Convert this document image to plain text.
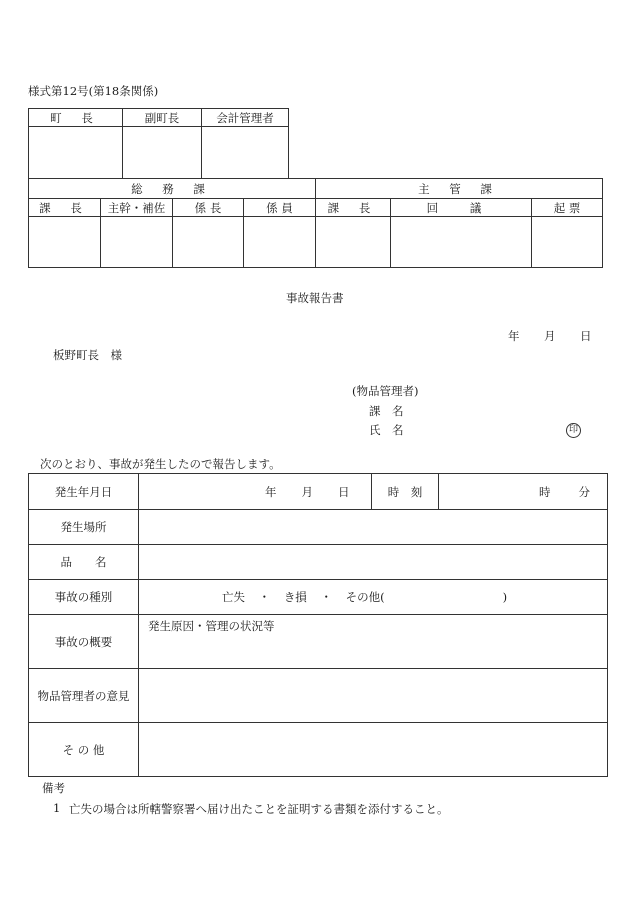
様式第12号(第18条関係)
町 長	副町長	会計管理者

総 務 課				主 管 課		
課 長	主幹・補佐	係 長	係 員	課 長	回 議	起 票

事故報告書
年 月 日
板野町長　様
(物品管理者)
課　名
氏　名	印
次のとおり、事故が発生したので報告します。
発生年月日	年 月 日	時　刻	時 分
発生場所			
品　　名			
事故の種別	亡失 ・ き損 ・ その他( )		
事故の概要	発生原因・管理の状況等		
物品管理者の意見			
そ の 他			
備考
1 亡失の場合は所轄警察署へ届け出たことを証明する書類を添付すること。
